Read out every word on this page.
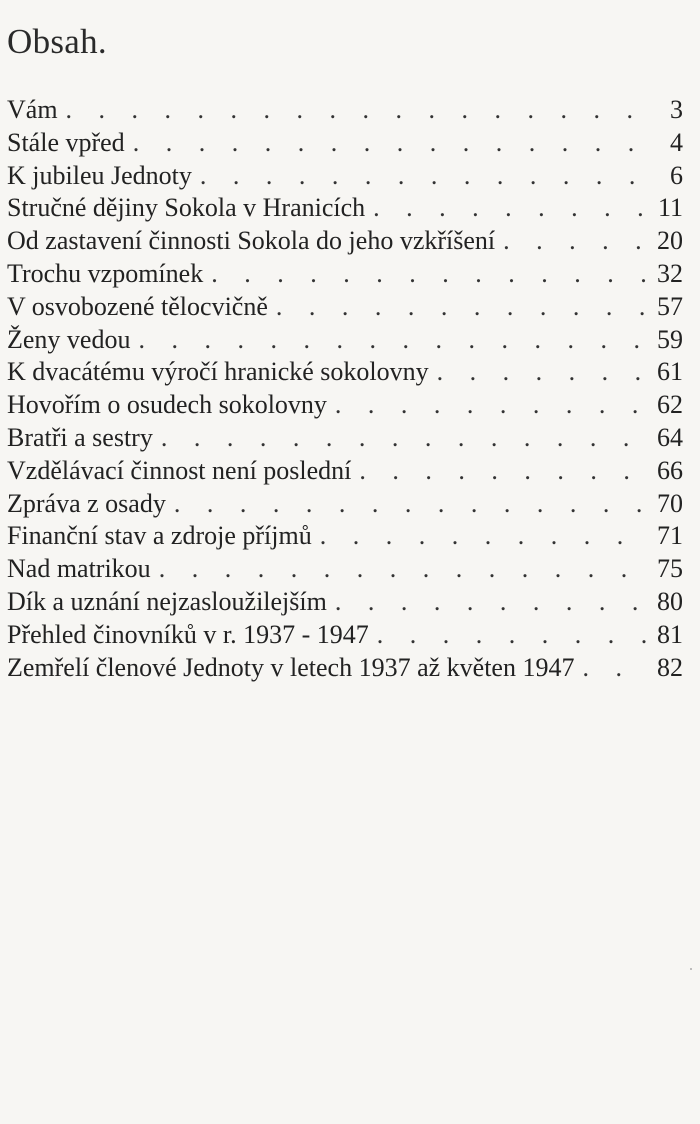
Obsah.
Vám . . .	3
Stále vpřed . . .	4
K jubileu Jednoty . . .	6
Stručné dějiny Sokola v Hranicích . . .	11
Od zastavení činnosti Sokola do jeho vzkříšení . . .	20
Trochu vzpomínek . . .	32
V osvobozené tělocvičně . . .	57
Ženy vedou . . .	59
K dvacátému výročí hranické sokolovny . . .	61
Hovořím o osudech sokolovny . . .	62
Bratři a sestry . . .	64
Vzdělávací činnost není poslední . . .	66
Zpráva z osady . . .	70
Finanční stav a zdroje příjmů . . .	71
Nad matrikou . . .	75
Dík a uznání nejzasloužilejším . . .	80
Přehled činovníků v r. 1937 - 1947 . . .	81
Zemřelí členové Jednoty v letech 1937 až květen 1947 . . .	82
